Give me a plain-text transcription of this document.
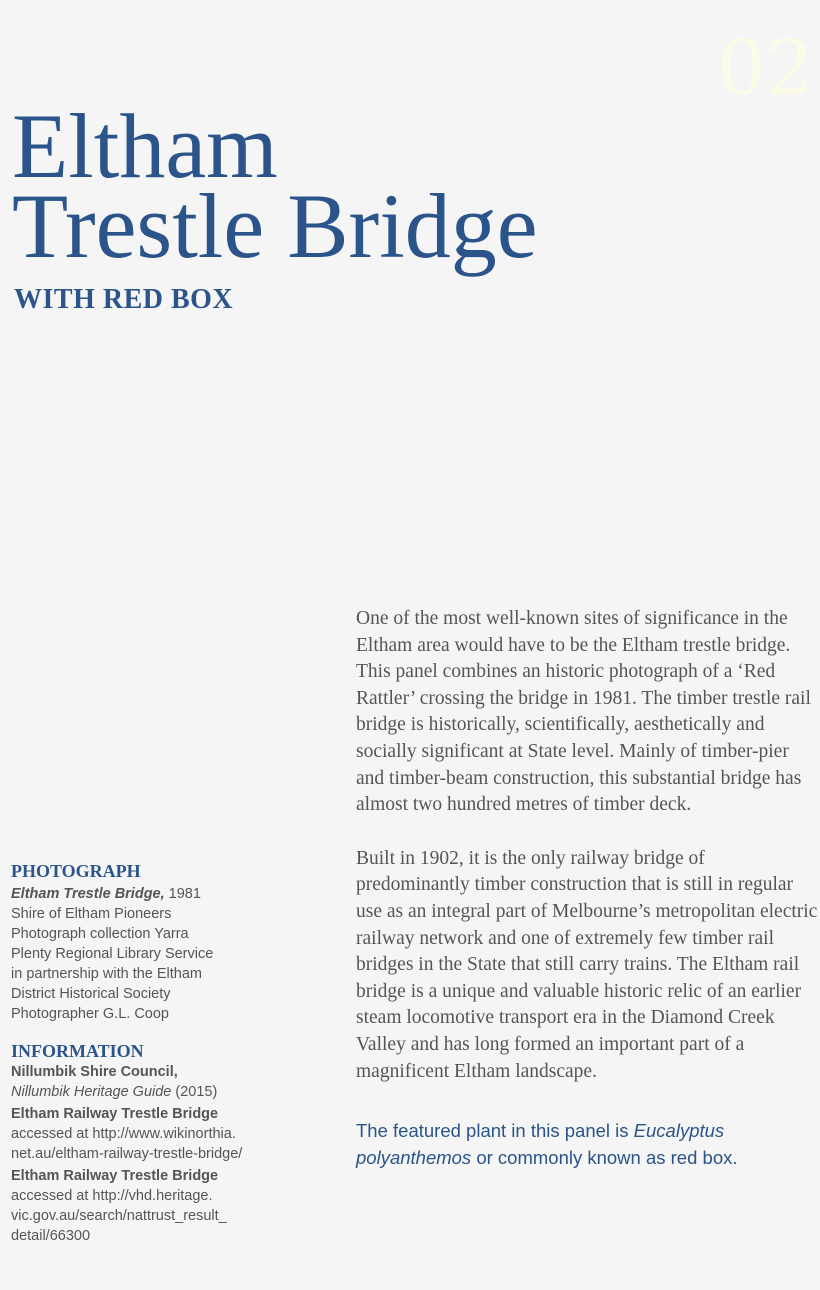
02
Eltham
Trestle Bridge
WITH RED BOX

One of the most well-known sites of significance in the Eltham area would have to be the Eltham trestle bridge. This panel combines an historic photograph of a ‘Red Rattler’ crossing the bridge in 1981. The timber trestle rail bridge is historically, scientifically, aesthetically and socially significant at State level. Mainly of timber-pier and timber-beam construction, this substantial bridge has almost two hundred metres of timber deck.

Built in 1902, it is the only railway bridge of predominantly timber construction that is still in regular use as an integral part of Melbourne’s metropolitan electric railway network and one of extremely few timber rail bridges in the State that still carry trains. The Eltham rail bridge is a unique and valuable historic relic of an earlier steam locomotive transport era in the Diamond Creek Valley and has long formed an important part of a magnificent Eltham landscape.

The featured plant in this panel is Eucalyptus polyanthemos or commonly known as red box.

PHOTOGRAPH
Eltham Trestle Bridge, 1981
Shire of Eltham Pioneers
Photograph collection Yarra
Plenty Regional Library Service
in partnership with the Eltham
District Historical Society
Photographer G.L. Coop
INFORMATION
Nillumbik Shire Council,
Nillumbik Heritage Guide (2015)
Eltham Railway Trestle Bridge
accessed at http://www.wikinorthia.
net.au/eltham-railway-trestle-bridge/
Eltham Railway Trestle Bridge
accessed at http://vhd.heritage.
vic.gov.au/search/nattrust_result_
detail/66300
